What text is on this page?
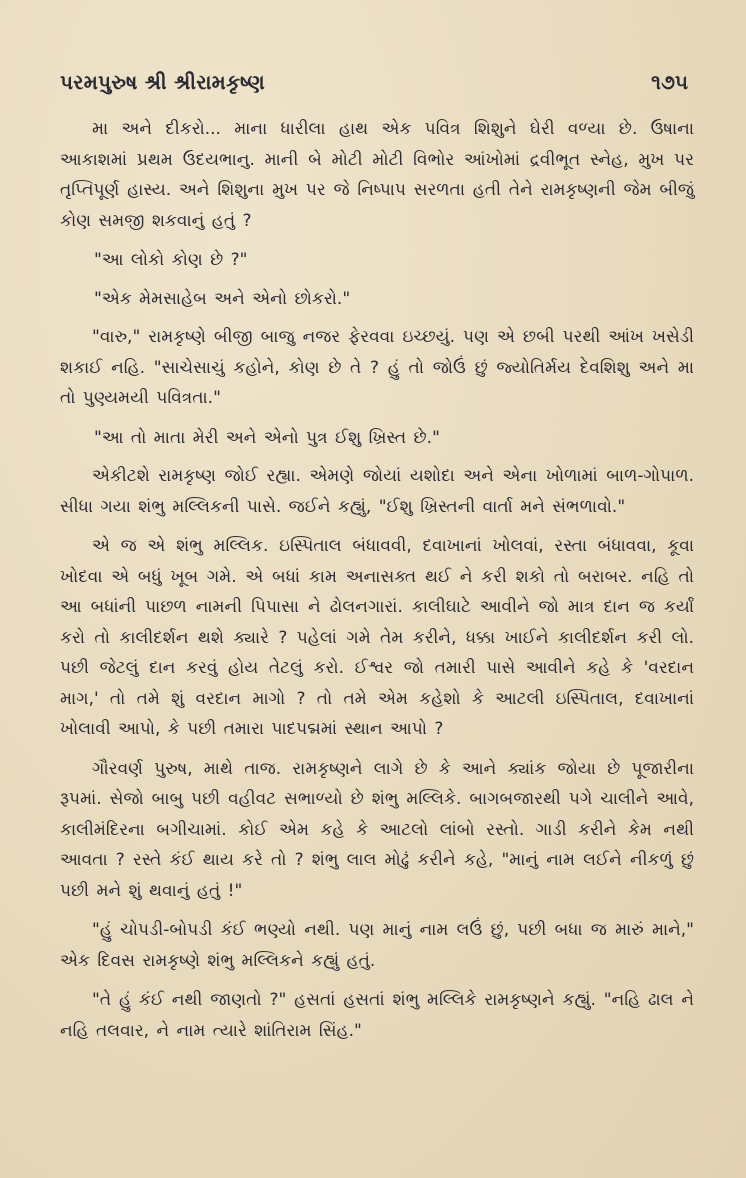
પરમપુરુષ શ્રી શ્રીરામકૃષ્ણ	૧૭૫

મા અને દીકરો... માના ધારીલા હાથ એક પવિત્ર શિશુને ઘેરી વળ્યા છે. ઉષાના આકાશમાં પ્રથમ ઉદયભાનુ. માની બે મોટી મોટી વિભોર આંખોમાં દ્રવીભૂત સ્નેહ, મુખ પર તૃપ્તિપૂર્ણ હાસ્ય. અને શિશુના મુખ પર જે નિષ્પાપ સરળતા હતી તેને રામકૃષ્ણની જેમ બીજું કોણ સમજી શકવાનું હતું ?

"આ લોકો કોણ છે ?"

"એક મેમસાહેબ અને એનો છોકરો."

"વારુ," રામકૃષ્ણે બીજી બાજુ નજર ફેરવવા ઇચ્છયું. પણ એ છબી પરથી આંખ ખસેડી શકાઈ નહિ. "સાચેસાચું કહોને, કોણ છે તે ? હું તો જોઉં છું જ્યોતિર્મય દેવશિશુ અને મા તો પુણ્યમયી પવિત્રતા."

"આ તો માતા મેરી અને એનો પુત્ર ઈશુ ખ્રિસ્ત છે."

એકીટશે રામકૃષ્ણ જોઈ રહ્યા. એમણે જોયાં યશોદા અને એના ખોળામાં બાળ-ગોપાળ. સીધા ગયા શંભુ મલ્લિકની પાસે. જઈને કહ્યું, "ઈશુ ખ્રિસ્તની વાર્તા મને સંભળાવો."

એ જ એ શંભુ મલ્લિક. ઇસ્પિતાલ બંધાવવી, દવાખાનાં ખોલવાં, રસ્તા બંધાવવા, કૂવા ખોદવા એ બધું ખૂબ ગમે. એ બધાં કામ અનાસક્ત થઈ ને કરી શકો તો બરાબર. નહિ તો આ બધાંની પાછળ નામની પિપાસા ને ઢોલનગારાં. કાલીઘાટે આવીને જો માત્ર દાન જ કર્યાં કરો તો કાલીદર્શન થશે ક્યારે ? પહેલાં ગમે તેમ કરીને, ધક્કા ખાઈને કાલીદર્શન કરી લો. પછી જેટલું દાન કરવું હોય તેટલું કરો. ઈશ્વર જો તમારી પાસે આવીને કહે કે 'વરદાન માગ,' તો તમે શું વરદાન માગો ? તો તમે એમ કહેશો કે આટલી ઇસ્પિતાલ, દવાખાનાં ખોલાવી આપો, કે પછી તમારા પાદપદ્મમાં સ્થાન આપો ?

ગૌરવર્ણ પુરુષ, માથે તાજ. રામકૃષ્ણને લાગે છે કે આને ક્યાંક જોયા છે પૂજારીના રૂપમાં. સેજો બાબુ પછી વહીવટ સભાળ્યો છે શંભુ મલ્લિકે. બાગબજારથી પગે ચાલીને આવે, કાલીમંદિરના બગીચામાં. કોઈ એમ કહે કે આટલો લાંબો રસ્તો. ગાડી કરીને કેમ નથી આવતા ? રસ્તે કંઈ થાય કરે તો ? શંભુ લાલ મોઢું કરીને કહે, "માનું નામ લઈને નીકળું છું પછી મને શું થવાનું હતું !"

"હું ચોપડી-બોપડી કંઈ ભણ્યો નથી. પણ માનું નામ લઉં છું, પછી બધા જ મારું માને," એક દિવસ રામકૃષ્ણે શંભુ મલ્લિકને કહ્યું હતું.

"તે હું કંઈ નથી જાણતો ?" હસતાં હસતાં શંભુ મલ્લિકે રામકૃષ્ણને કહ્યું. "નહિ ઢાલ ને નહિ તલવાર, ને નામ ત્યારે શાંતિરામ સિંહ."
